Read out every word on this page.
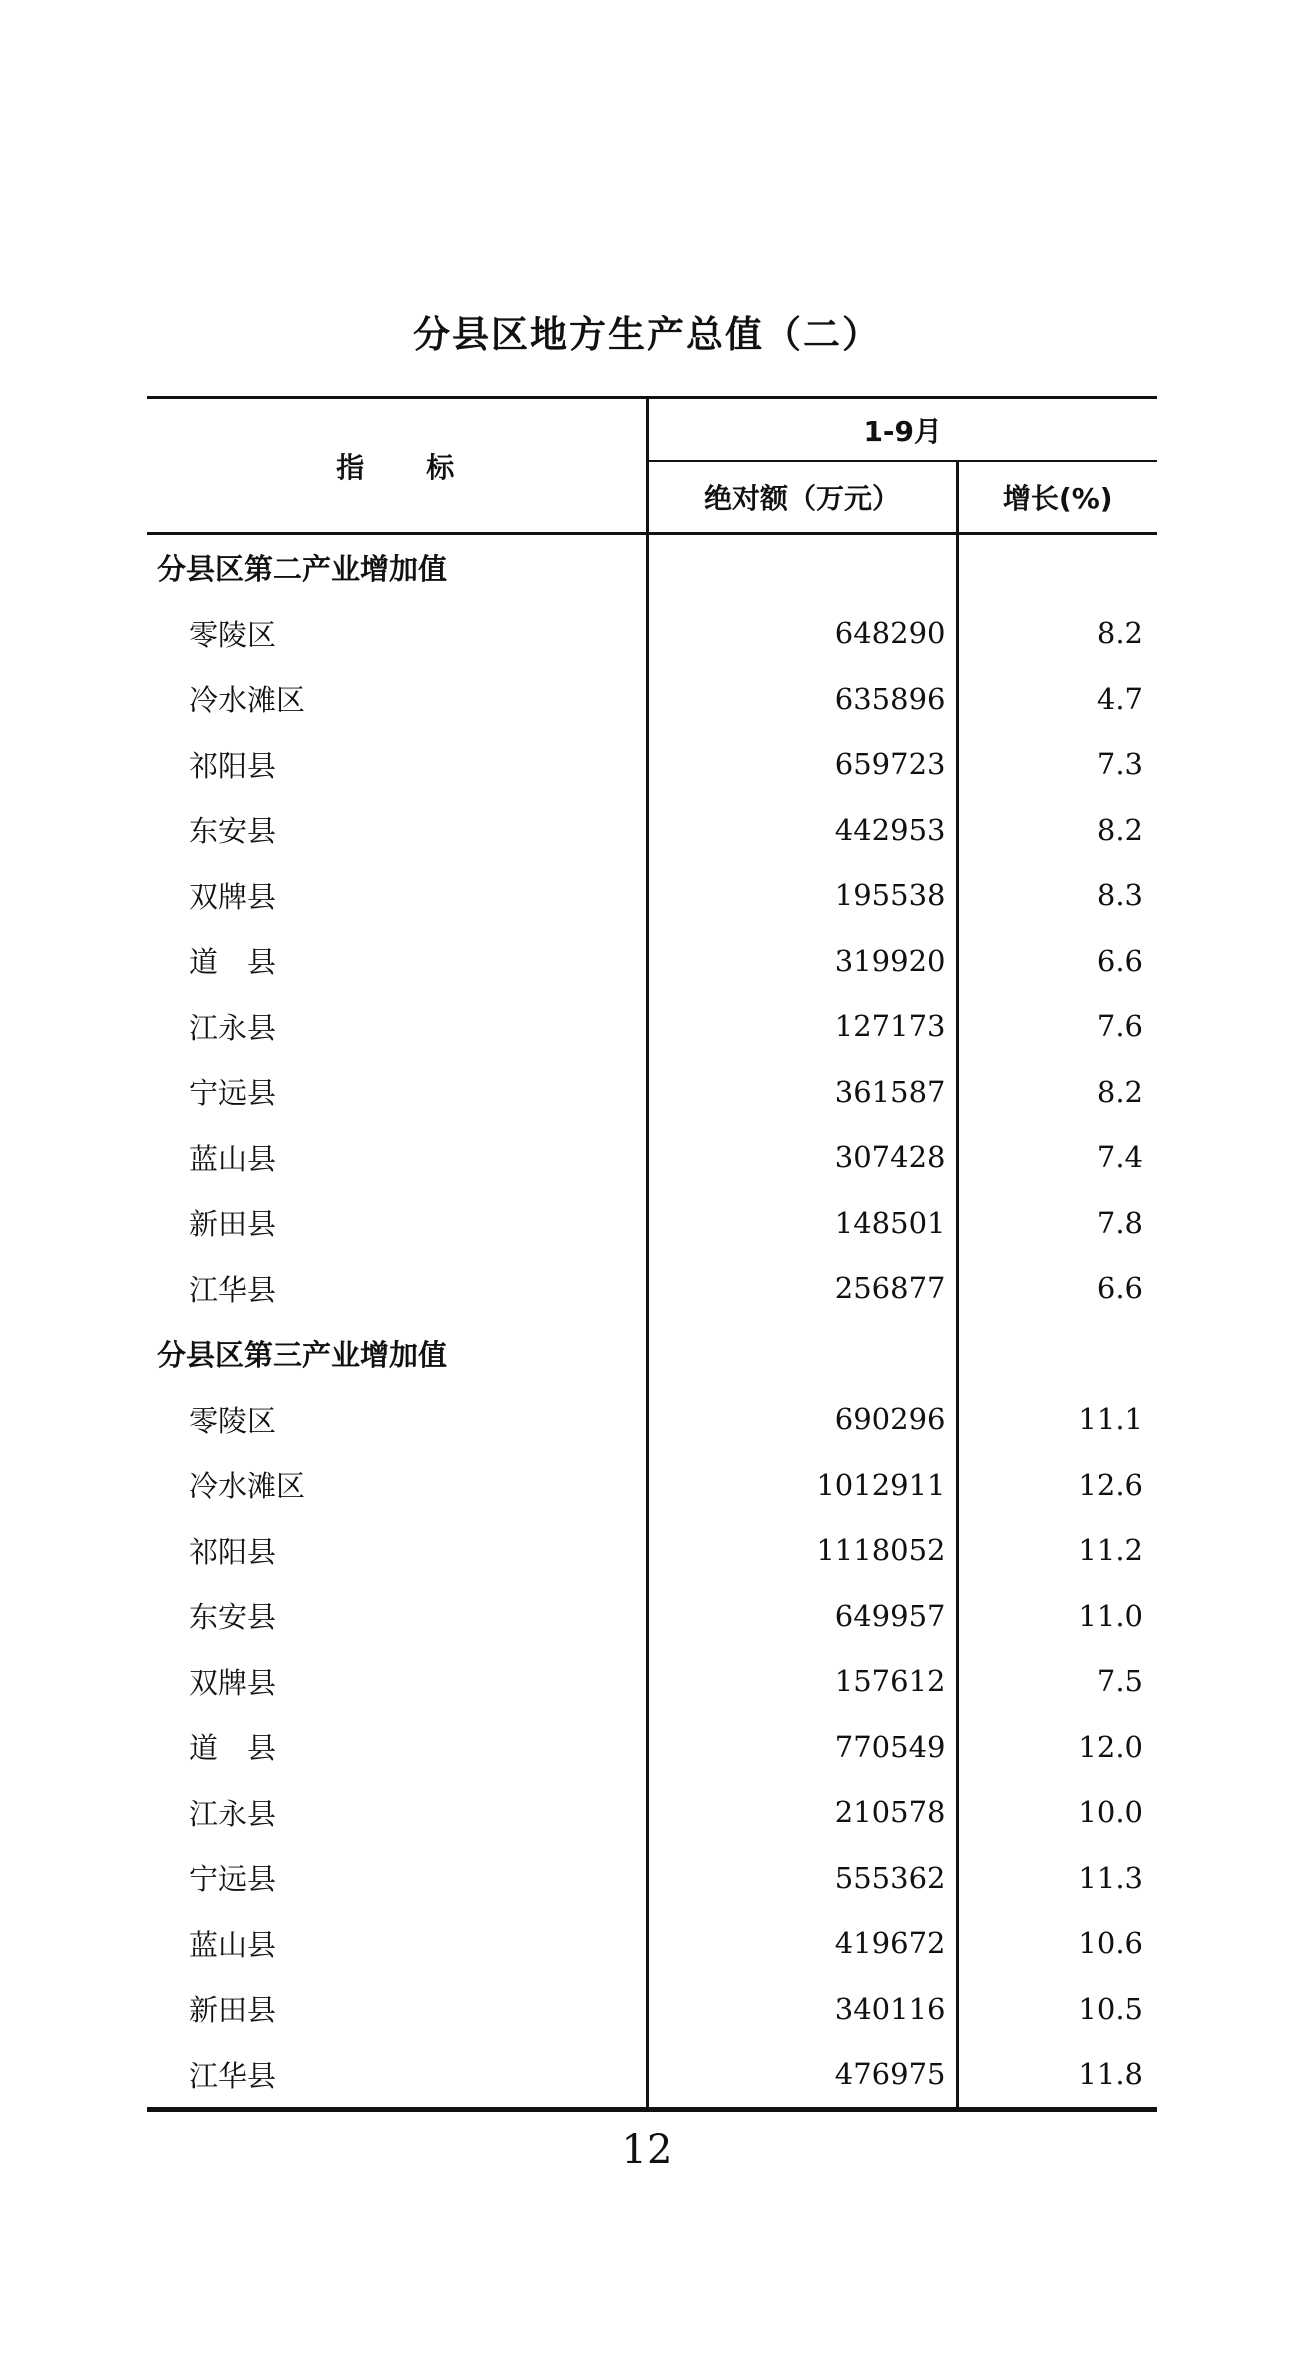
分县区地方生产总值（二）
指　　标	1-9月	
	绝对额（万元）	增长(%)
分县区第二产业增加值		
零陵区	648290	8.2
冷水滩区	635896	4.7
祁阳县	659723	7.3
东安县	442953	8.2
双牌县	195538	8.3
道　县	319920	6.6
江永县	127173	7.6
宁远县	361587	8.2
蓝山县	307428	7.4
新田县	148501	7.8
江华县	256877	6.6
分县区第三产业增加值		
零陵区	690296	11.1
冷水滩区	1012911	12.6
祁阳县	1118052	11.2
东安县	649957	11.0
双牌县	157612	7.5
道　县	770549	12.0
江永县	210578	10.0
宁远县	555362	11.3
蓝山县	419672	10.6
新田县	340116	10.5
江华县	476975	11.8
12
